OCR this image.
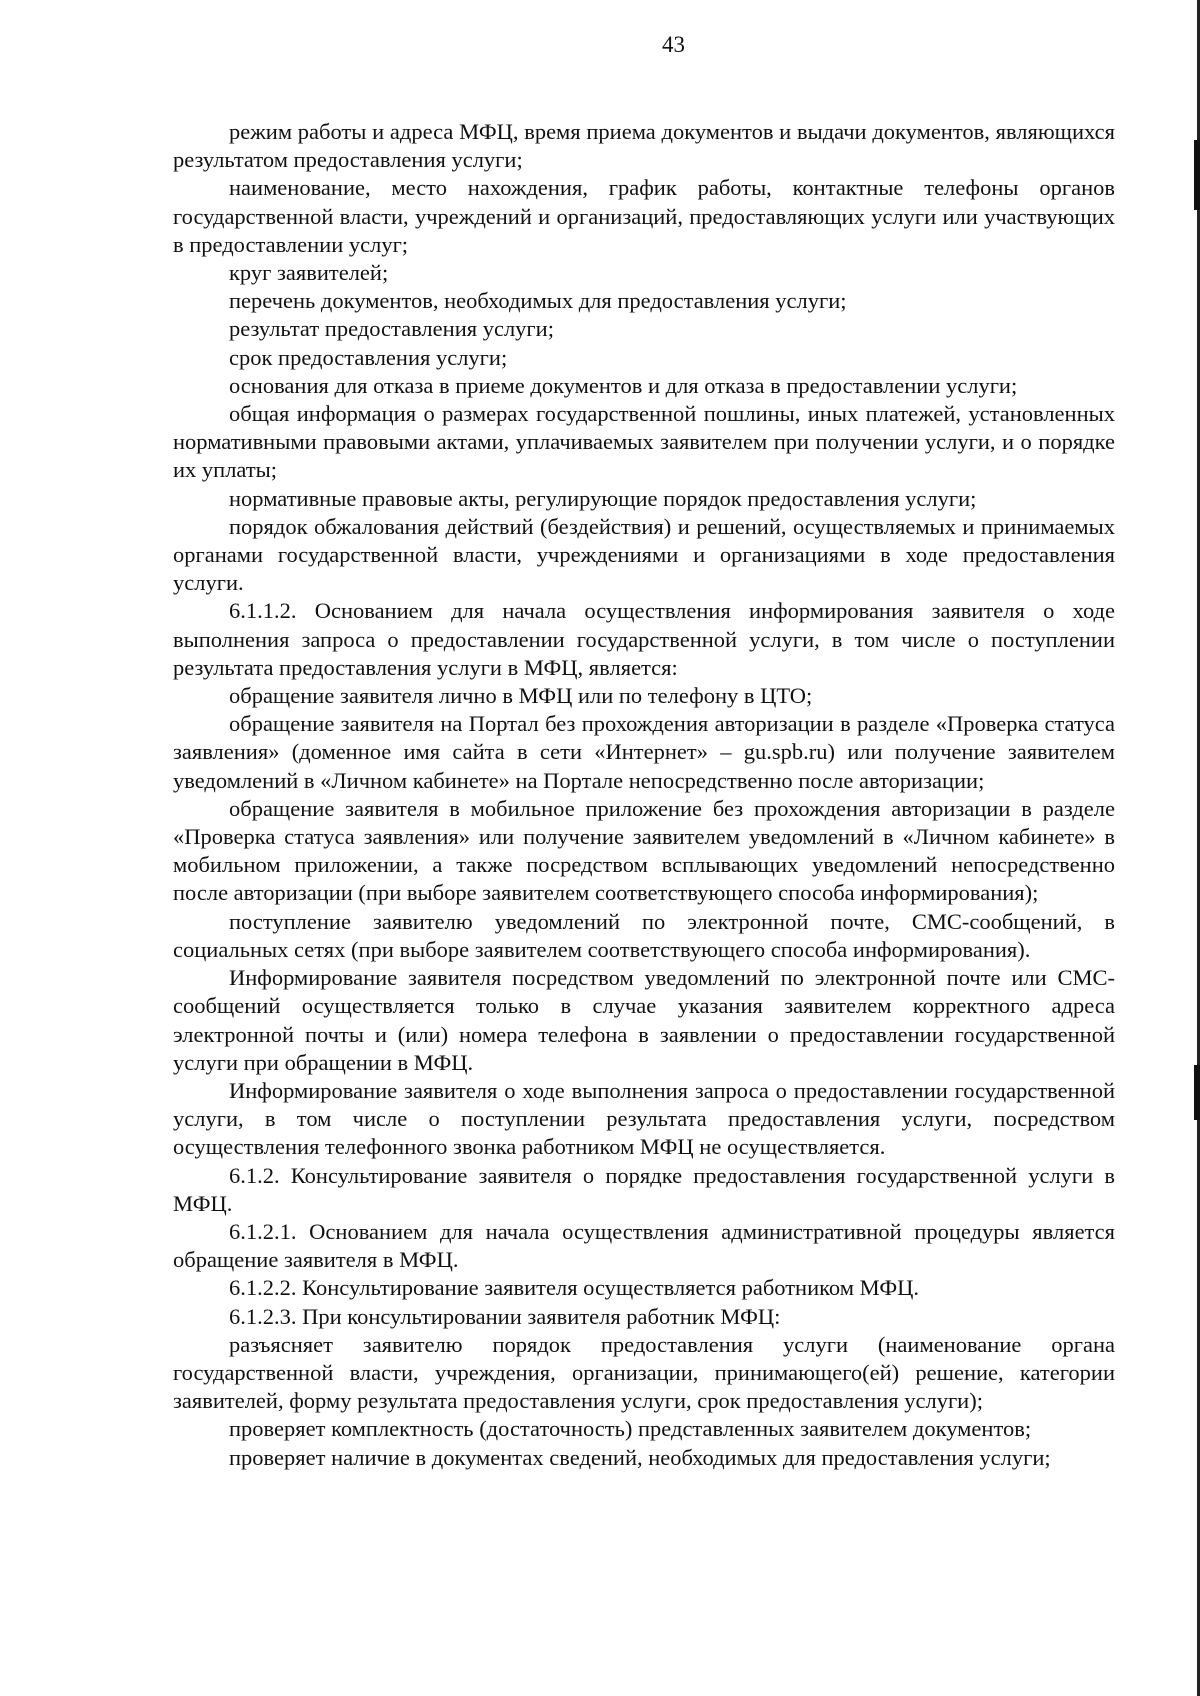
43

режим работы и адреса МФЦ, время приема документов и выдачи документов, являющихся результатом предоставления услуги;

наименование, место нахождения, график работы, контактные телефоны органов государственной власти, учреждений и организаций, предоставляющих услуги или участвующих в предоставлении услуг;

круг заявителей;

перечень документов, необходимых для предоставления услуги;

результат предоставления услуги;

срок предоставления услуги;

основания для отказа в приеме документов и для отказа в предоставлении услуги;

общая информация о размерах государственной пошлины, иных платежей, установленных нормативными правовыми актами, уплачиваемых заявителем при получении услуги, и о порядке их уплаты;

нормативные правовые акты, регулирующие порядок предоставления услуги;

порядок обжалования действий (бездействия) и решений, осуществляемых и принимаемых органами государственной власти, учреждениями и организациями в ходе предоставления услуги.

6.1.1.2. Основанием для начала осуществления информирования заявителя о ходе выполнения запроса о предоставлении государственной услуги, в том числе о поступлении результата предоставления услуги в МФЦ, является:

обращение заявителя лично в МФЦ или по телефону в ЦТО;

обращение заявителя на Портал без прохождения авторизации в разделе «Проверка статуса заявления» (доменное имя сайта в сети «Интернет» – gu.spb.ru) или получение заявителем уведомлений в «Личном кабинете» на Портале непосредственно после авторизации;

обращение заявителя в мобильное приложение без прохождения авторизации в разделе «Проверка статуса заявления» или получение заявителем уведомлений в «Личном кабинете» в мобильном приложении, а также посредством всплывающих уведомлений непосредственно после авторизации (при выборе заявителем соответствующего способа информирования);

поступление заявителю уведомлений по электронной почте, СМС-сообщений, в социальных сетях (при выборе заявителем соответствующего способа информирования).

Информирование заявителя посредством уведомлений по электронной почте или СМС-сообщений осуществляется только в случае указания заявителем корректного адреса электронной почты и (или) номера телефона в заявлении о предоставлении государственной услуги при обращении в МФЦ.

Информирование заявителя о ходе выполнения запроса о предоставлении государственной услуги, в том числе о поступлении результата предоставления услуги, посредством осуществления телефонного звонка работником МФЦ не осуществляется.

6.1.2. Консультирование заявителя о порядке предоставления государственной услуги в МФЦ.

6.1.2.1. Основанием для начала осуществления административной процедуры является обращение заявителя в МФЦ.

6.1.2.2. Консультирование заявителя осуществляется работником МФЦ.

6.1.2.3. При консультировании заявителя работник МФЦ:

разъясняет заявителю порядок предоставления услуги (наименование органа государственной власти, учреждения, организации, принимающего(ей) решение, категории заявителей, форму результата предоставления услуги, срок предоставления услуги);

проверяет комплектность (достаточность) представленных заявителем документов;

проверяет наличие в документах сведений, необходимых для предоставления услуги;
